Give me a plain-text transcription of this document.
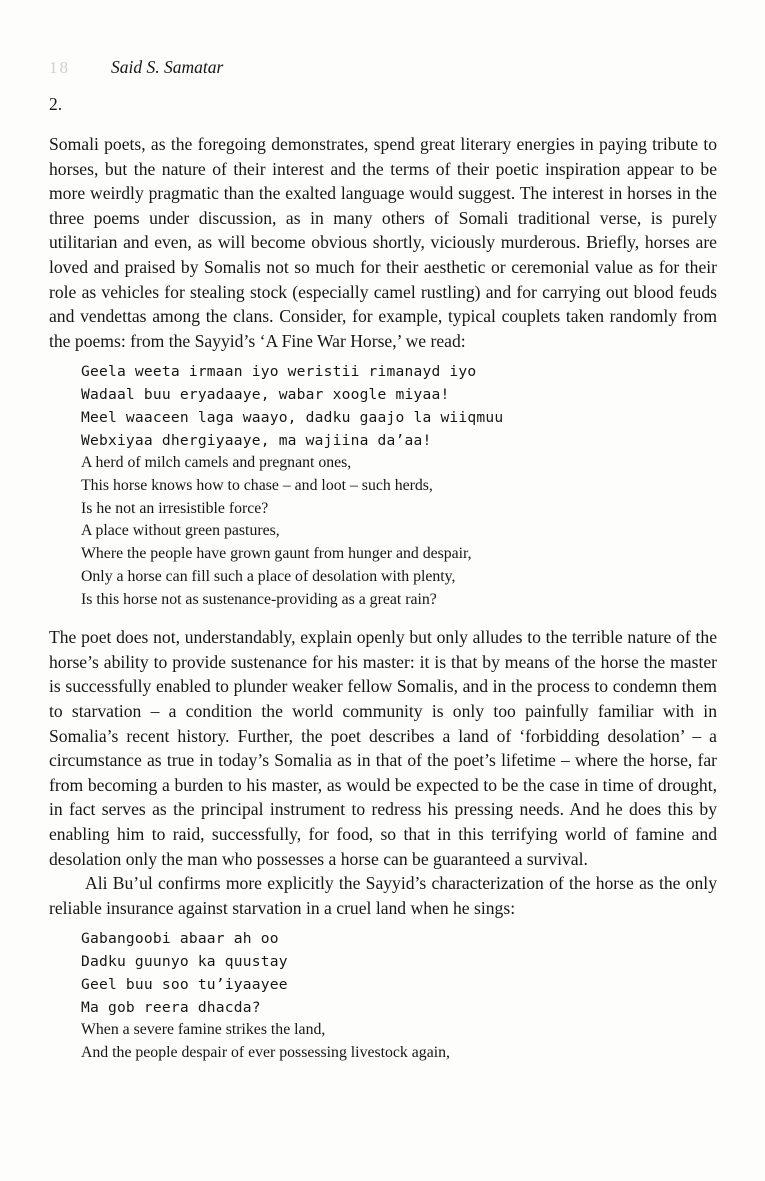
18	Said S. Samatar
2.

Somali poets, as the foregoing demonstrates, spend great literary energies in paying tribute to horses, but the nature of their interest and the terms of their poetic inspiration appear to be more weirdly pragmatic than the exalted language would suggest. The interest in horses in the three poems under discussion, as in many others of Somali traditional verse, is purely utilitarian and even, as will become obvious shortly, viciously murderous. Briefly, horses are loved and praised by Somalis not so much for their aesthetic or ceremonial value as for their role as vehicles for stealing stock (especially camel rustling) and for carrying out blood feuds and vendettas among the clans. Consider, for example, typical couplets taken randomly from the poems: from the Sayyid’s ‘A Fine War Horse,’ we read:

Geela weeta irmaan iyo weristii rimanayd iyo
Wadaal buu eryadaaye, wabar xoogle miyaa!
Meel waaceen laga waayo, dadku gaajo la wiiqmuu
Webxiyaa dhergiyaaye, ma wajiina da’aa!
A herd of milch camels and pregnant ones,
This horse knows how to chase – and loot – such herds,
Is he not an irresistible force?
A place without green pastures,
Where the people have grown gaunt from hunger and despair,
Only a horse can fill such a place of desolation with plenty,
Is this horse not as sustenance-providing as a great rain?

The poet does not, understandably, explain openly but only alludes to the terrible nature of the horse’s ability to provide sustenance for his master: it is that by means of the horse the master is successfully enabled to plunder weaker fellow Somalis, and in the process to condemn them to starvation – a condition the world community is only too painfully familiar with in Somalia’s recent history. Further, the poet describes a land of ‘forbidding desolation’ – a circumstance as true in today’s Somalia as in that of the poet’s lifetime – where the horse, far from becoming a burden to his master, as would be expected to be the case in time of drought, in fact serves as the principal instrument to redress his pressing needs. And he does this by enabling him to raid, successfully, for food, so that in this terrifying world of famine and desolation only the man who possesses a horse can be guaranteed a survival.

Ali Bu’ul confirms more explicitly the Sayyid’s characterization of the horse as the only reliable insurance against starvation in a cruel land when he sings:

Gabangoobi abaar ah oo
Dadku guunyo ka quustay
Geel buu soo tu’iyaayee
Ma gob reera dhacda?
When a severe famine strikes the land,
And the people despair of ever possessing livestock again,
